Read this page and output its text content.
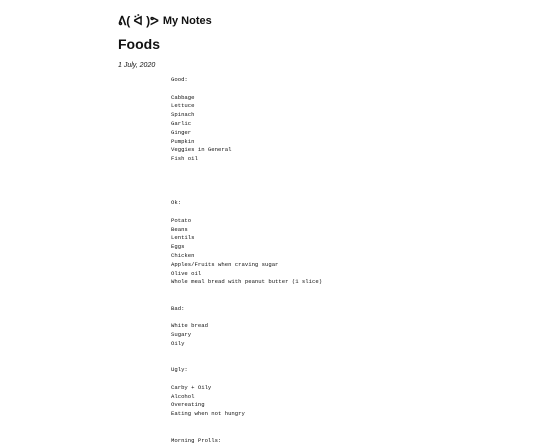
ᕕ( ᐛ )ᕗ My Notes
Foods
1 July, 2020
Good:
Cabbage
Lettuce
Spinach
Garlic
Ginger
Pumpkin
Veggies in General
Fish oil
Ok:
Potato
Beans
Lentils
Eggs
Chicken
Apples/Fruits when craving sugar
Olive oil
Whole meal bread with peanut butter (1 slice)
Bad:
White bread
Sugary
Oily
Ugly:
Carby + Oily
Alcohol
Overeating
Eating when not hungry
Morning Prolls:
